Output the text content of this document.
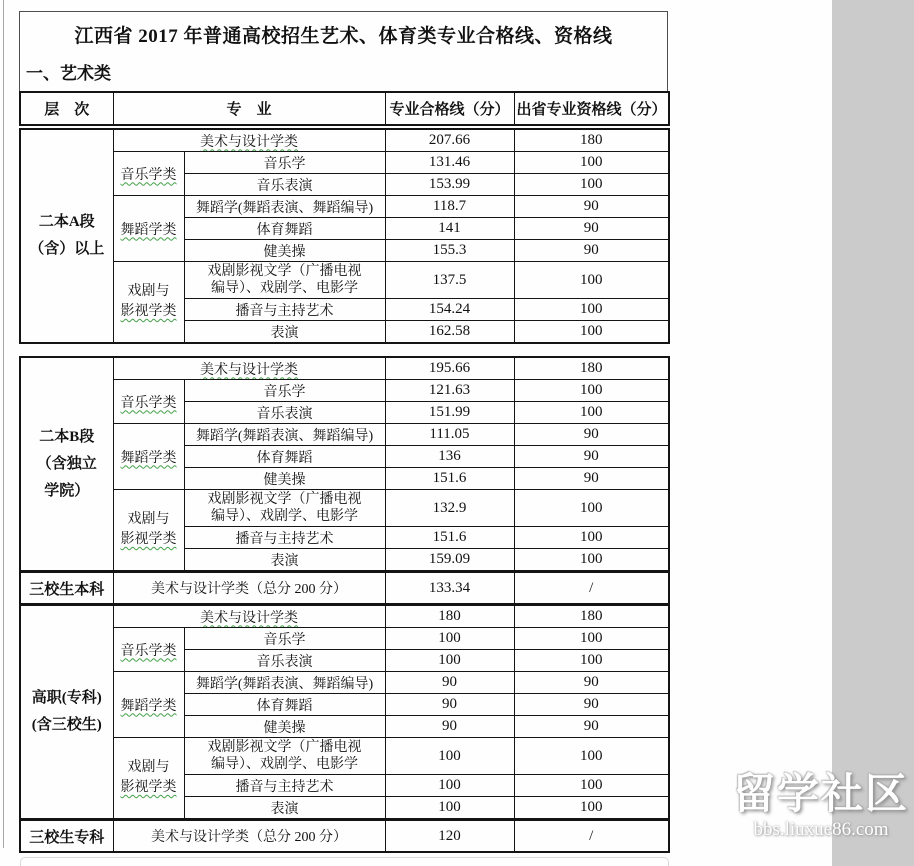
江西省 2017 年普通高校招生艺术、体育类专业合格线、资格线
一、艺术类
层　次	专　业	专业合格线（分）	出省专业资格线（分）
二本A段
（含）以上	美术与设计学类		207.66	180
	音乐学类	音乐学	131.46	100
		音乐表演	153.99	100
	舞蹈学类	舞蹈学(舞蹈表演、舞蹈编导)	118.7	90
		体育舞蹈	141	90
		健美操	155.3	90

	戏剧与
影视学类	戏剧影视文学（广播电视编导）、戏剧学、电影学	137.5	100
		播音与主持艺术	154.24	100
		表演	162.58	100
二本B段
（含独立
学院）	美术与设计学类		195.66	180
	音乐学类	音乐学	121.63	100
		音乐表演	151.99	100
	舞蹈学类	舞蹈学(舞蹈表演、舞蹈编导)	111.05	90
		体育舞蹈	136	90
		健美操	151.6	90

	戏剧与
影视学类	戏剧影视文学（广播电视编导）、戏剧学、电影学	132.9	100
		播音与主持艺术	151.6	100
		表演	159.09	100
三校生本科	美术与设计学类（总分 200 分）	133.34	/
高职(专科)
(含三校生)	美术与设计学类		180	180
	音乐学类	音乐学	100	100
		音乐表演	100	100
	舞蹈学类	舞蹈学(舞蹈表演、舞蹈编导)	90	90
		体育舞蹈	90	90
		健美操	90	90

	戏剧与
影视学类	戏剧影视文学（广播电视编导）、戏剧学、电影学	100	100
		播音与主持艺术	100	100
		表演	100	100
三校生专科	美术与设计学类（总分 200 分）	120	/
留学社区
bbs.liuxue86.com
